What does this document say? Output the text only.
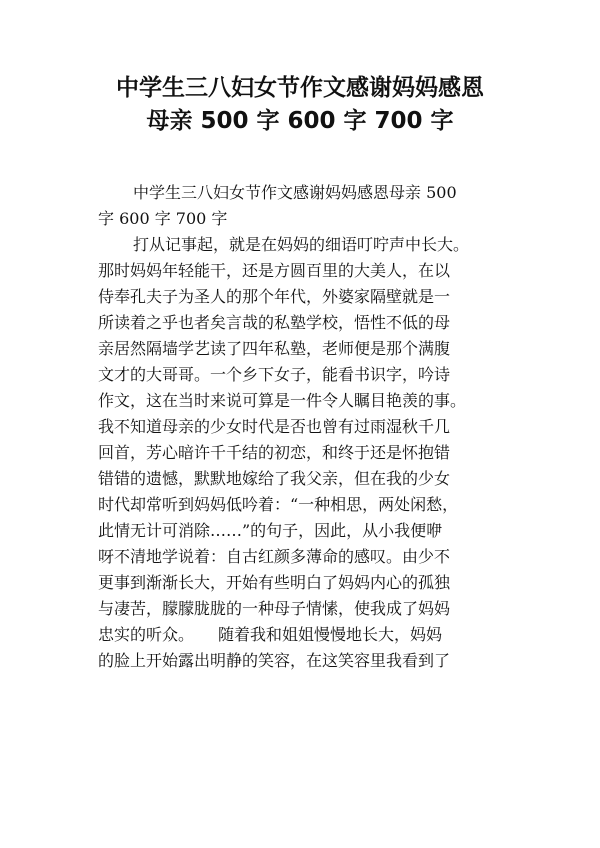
中学生三八妇女节作文感谢妈妈感恩
母亲 500 字 600 字 700 字
中学生三八妇女节作文感谢妈妈感恩母亲 500
字 600 字 700 字
打从记事起，就是在妈妈的细语叮咛声中长大。
那时妈妈年轻能干，还是方圆百里的大美人，在以
侍奉孔夫子为圣人的那个年代，外婆家隔壁就是一
所读着之乎也者矣言哉的私塾学校，悟性不低的母
亲居然隔墙学艺读了四年私塾，老师便是那个满腹
文才的大哥哥。一个乡下女子，能看书识字，吟诗
作文，这在当时来说可算是一件令人瞩目艳羡的事。
我不知道母亲的少女时代是否也曾有过雨湿秋千几
回首，芳心暗许千千结的初恋，和终于还是怀抱错
错错的遗憾，默默地嫁给了我父亲，但在我的少女
时代却常听到妈妈低吟着：“一种相思，两处闲愁，
此情无计可消除……”的句子，因此，从小我便咿
呀不清地学说着：自古红颜多薄命的感叹。由少不
更事到渐渐长大，开始有些明白了妈妈内心的孤独
与凄苦，朦朦胧胧的一种母子情愫，使我成了妈妈
忠实的听众。　　随着我和姐姐慢慢地长大，妈妈
的脸上开始露出明静的笑容，在这笑容里我看到了
